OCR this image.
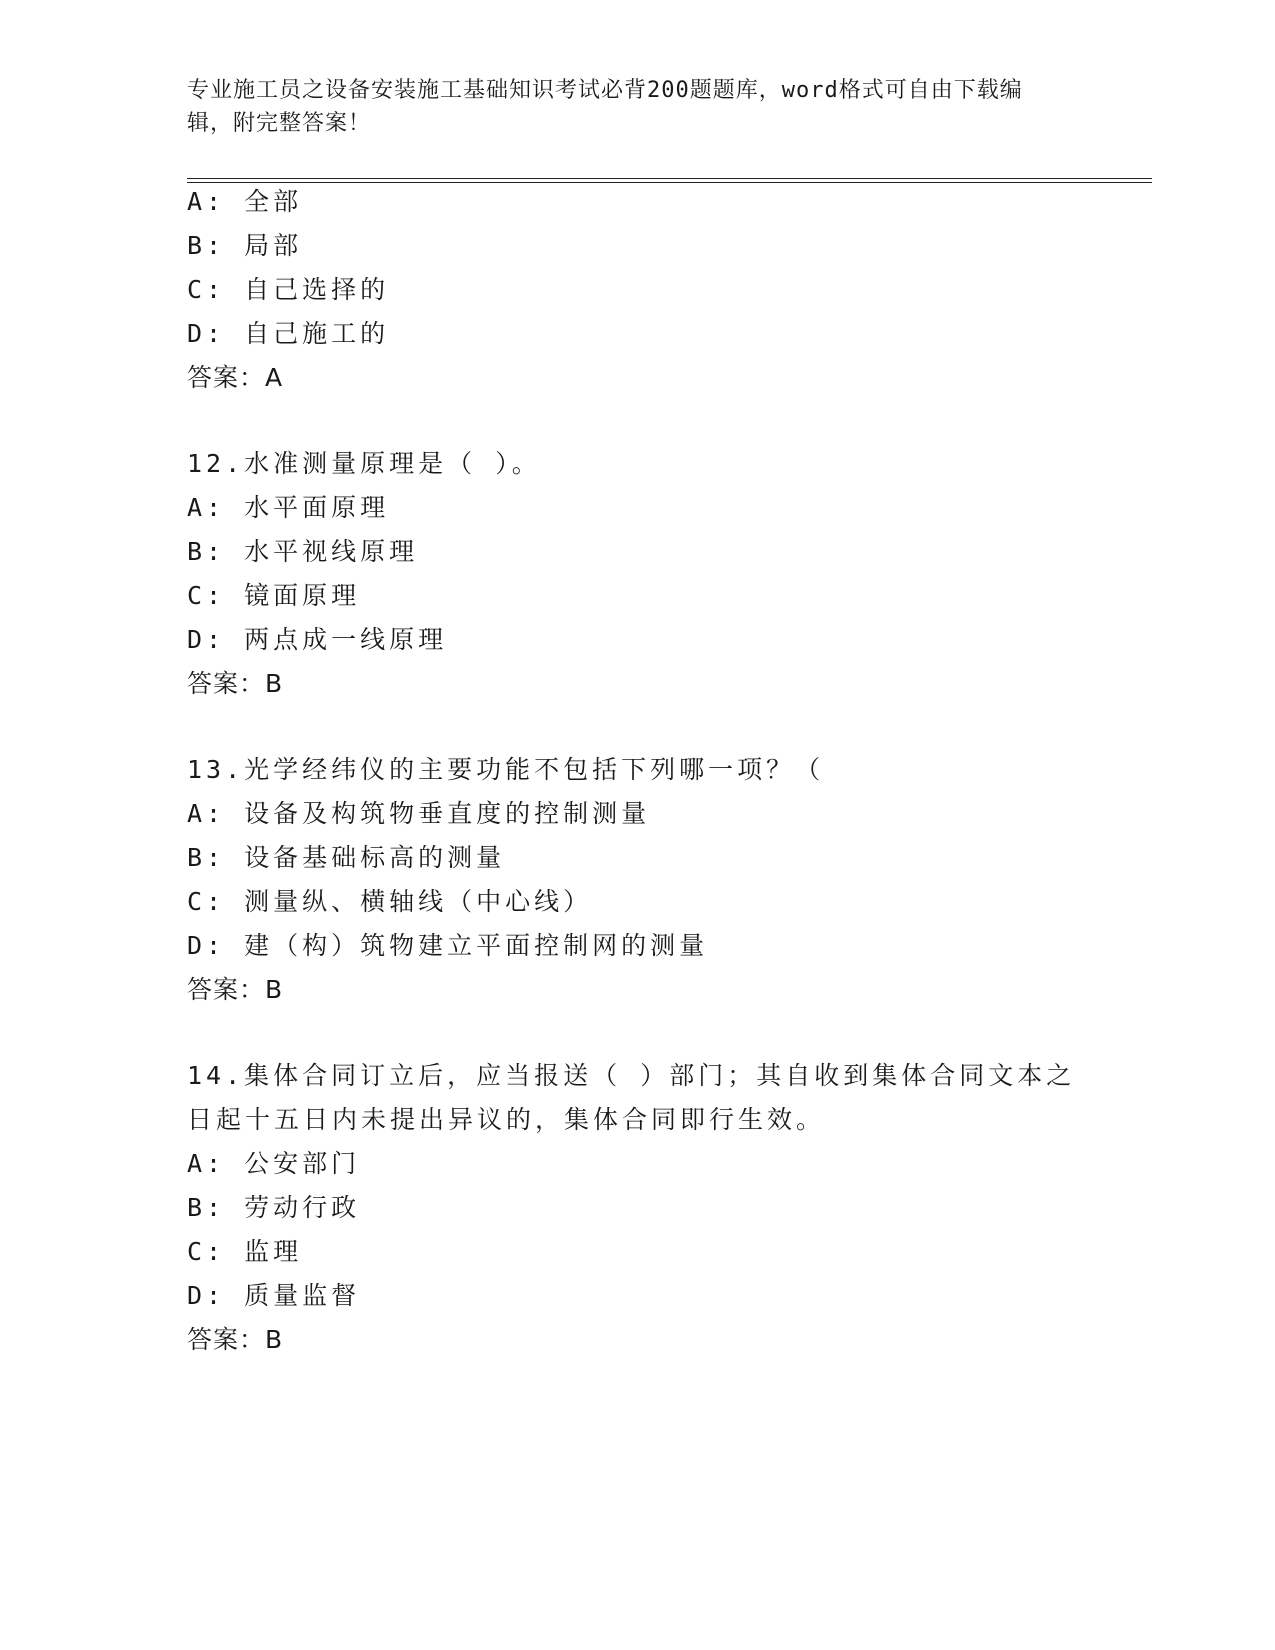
专业施工员之设备安装施工基础知识考试必背200题题库，word格式可自由下载编辑，附完整答案！
A: 全部
B: 局部
C: 自己选择的
D: 自己施工的
答案：A
12.水准测量原理是（ ）。
A: 水平面原理
B: 水平视线原理
C: 镜面原理
D: 两点成一线原理
答案：B
13.光学经纬仪的主要功能不包括下列哪一项？（
A: 设备及构筑物垂直度的控制测量
B: 设备基础标高的测量
C: 测量纵、横轴线（中心线）
D: 建（构）筑物建立平面控制网的测量
答案：B
14.集体合同订立后，应当报送（ ）部门；其自收到集体合同文本之
日起十五日内未提出异议的，集体合同即行生效。
A: 公安部门
B: 劳动行政
C: 监理
D: 质量监督
答案：B
